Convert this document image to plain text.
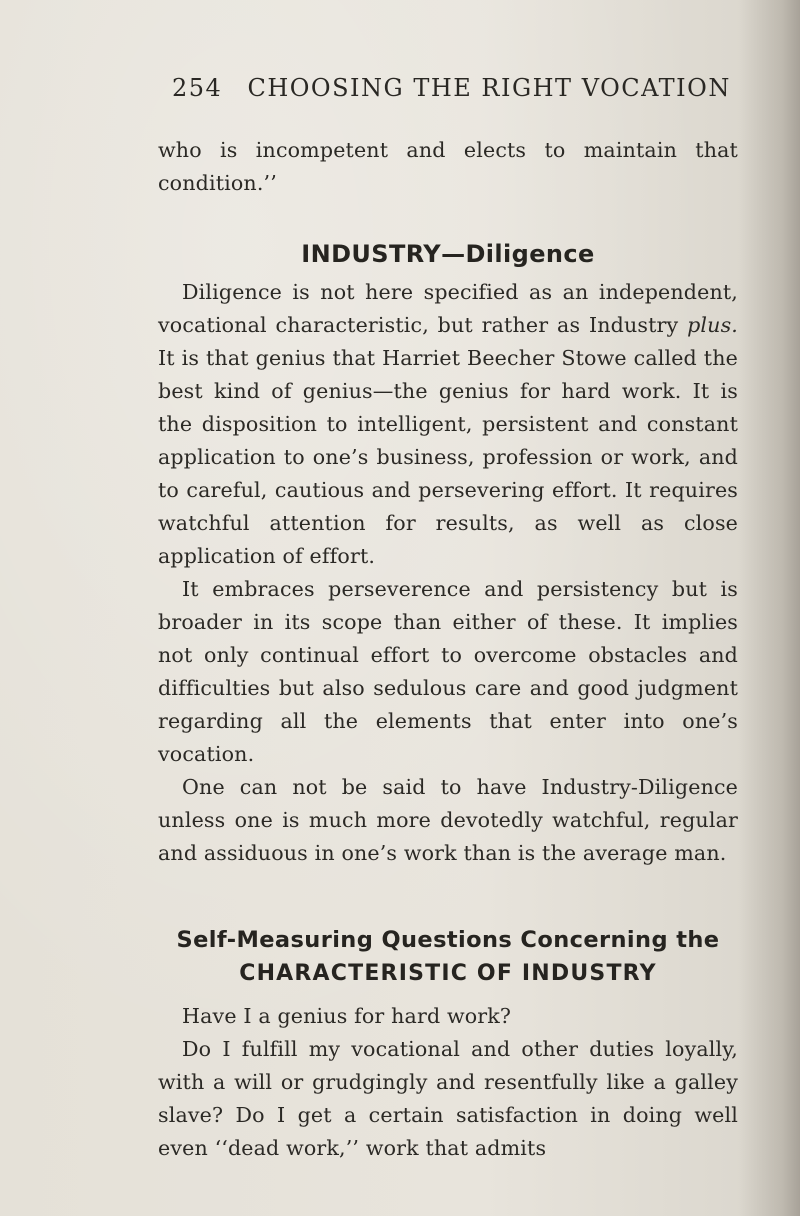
254 CHOOSING THE RIGHT VOCATION

who is incompetent and elects to maintain that condition.’’

INDUSTRY—Diligence

Diligence is not here specified as an independent, vocational characteristic, but rather as Industry plus. It is that genius that Harriet Beecher Stowe called the best kind of genius—the genius for hard work. It is the disposition to intelligent, persistent and constant application to one’s business, profession or work, and to careful, cautious and persevering effort. It requires watchful attention for results, as well as close application of effort.

It embraces perseverence and persistency but is broader in its scope than either of these. It implies not only continual effort to overcome obstacles and difficulties but also sedulous care and good judgment regarding all the elements that enter into one’s vocation.

One can not be said to have Industry-Diligence unless one is much more devotedly watchful, regular and assiduous in one’s work than is the average man.

Self-Measuring Questions Concerning the
CHARACTERISTIC OF INDUSTRY

Have I a genius for hard work?

Do I fulfill my vocational and other duties loyally, with a will or grudgingly and resentfully like a galley slave? Do I get a certain satisfaction in doing well even ‘‘dead work,’’ work that admits
